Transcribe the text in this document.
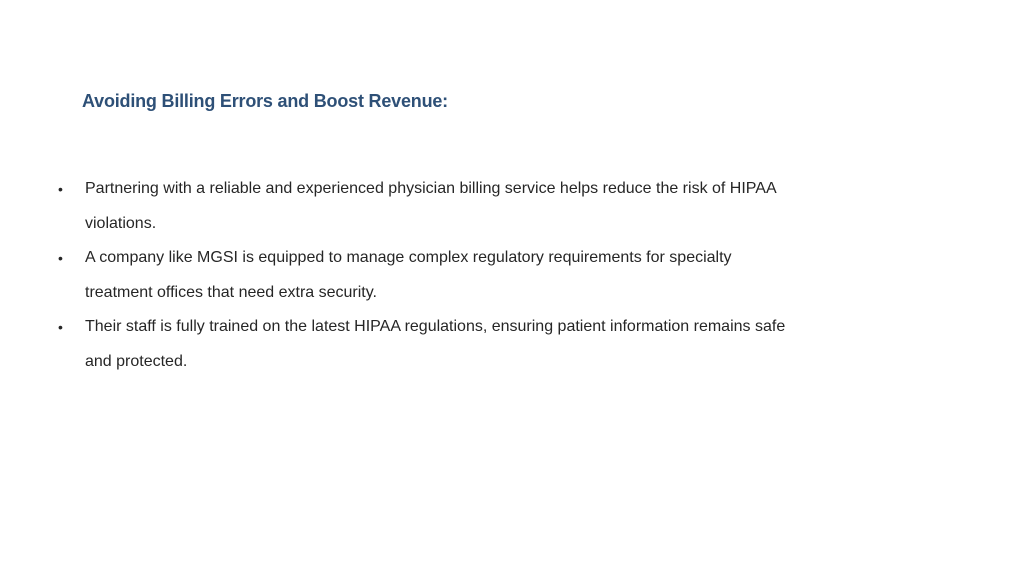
Avoiding Billing Errors and Boost Revenue:
• Partnering with a reliable and experienced physician billing service helps reduce the risk of HIPAA violations.
• A company like MGSI is equipped to manage complex regulatory requirements for specialty treatment offices that need extra security.
• Their staff is fully trained on the latest HIPAA regulations, ensuring patient information remains safe and protected.
